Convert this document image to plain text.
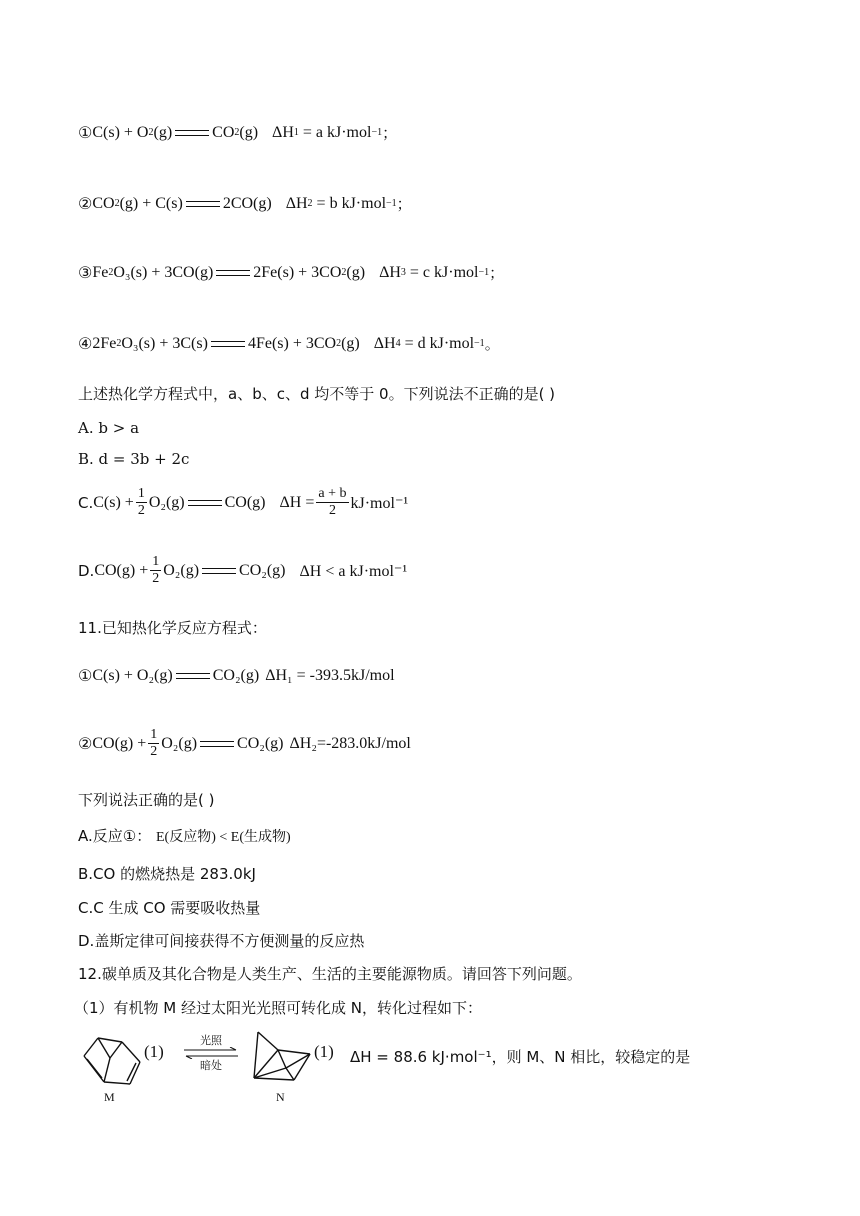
① C(s) + O 2 (g)	CO 2 (g) ΔH 1
= a kJ·mol −1 ；
② CO 2 (g) + C(s)	2CO(g) ΔH 2
= b kJ·mol −1 ；
③ Fe 2 O₃(s) + 3CO(g)	2Fe(s) + 3CO 2 (g) ΔH 3
= c kJ·mol −1 ；
④ 2Fe 2 O₃(s) + 3C(s)	4Fe(s) + 3CO 2 (g) ΔH 4
= d kJ·mol −1 。
上述热化学方程式中，a、b、c、d 均不等于 0。下列说法不正确的是( )
A. b > a
B. d = 3b + 2c
C. $C(s) + \frac{1}{2} O_2(g)$	CO(g) $\Delta H = \frac{a + b}{2} kJ\cdot mol^{-1}$
D. $CO(g) + \frac{1}{2} O_2(g)$	CO₂(g) ΔH < a kJ·mol⁻¹
11.已知热化学反应方程式：
① C(s) + O₂(g)	CO₂(g) ΔH₁ = -393.5kJ/mol
② $CO(g) + \frac{1}{2} O_2(g)$	CO₂(g) ΔH₂=-283.0kJ/mol
下列说法正确的是( )
A.反应①： E(反应物) < E(生成物)
B.CO 的燃烧热是 283.0kJ
C.C 生成 CO 需要吸收热量
D.盖斯定律可间接获得不方便测量的反应热
12.碳单质及其化合物是人类生产、生活的主要能源物质。请回答下列问题。
（1）有机物 M 经过太阳光光照可转化成 N，转化过程如下：
M
(1)
光照
暗处
N
(1) ΔH = 88.6 kJ·mol⁻¹，则 M、N 相比，较稳定的是
